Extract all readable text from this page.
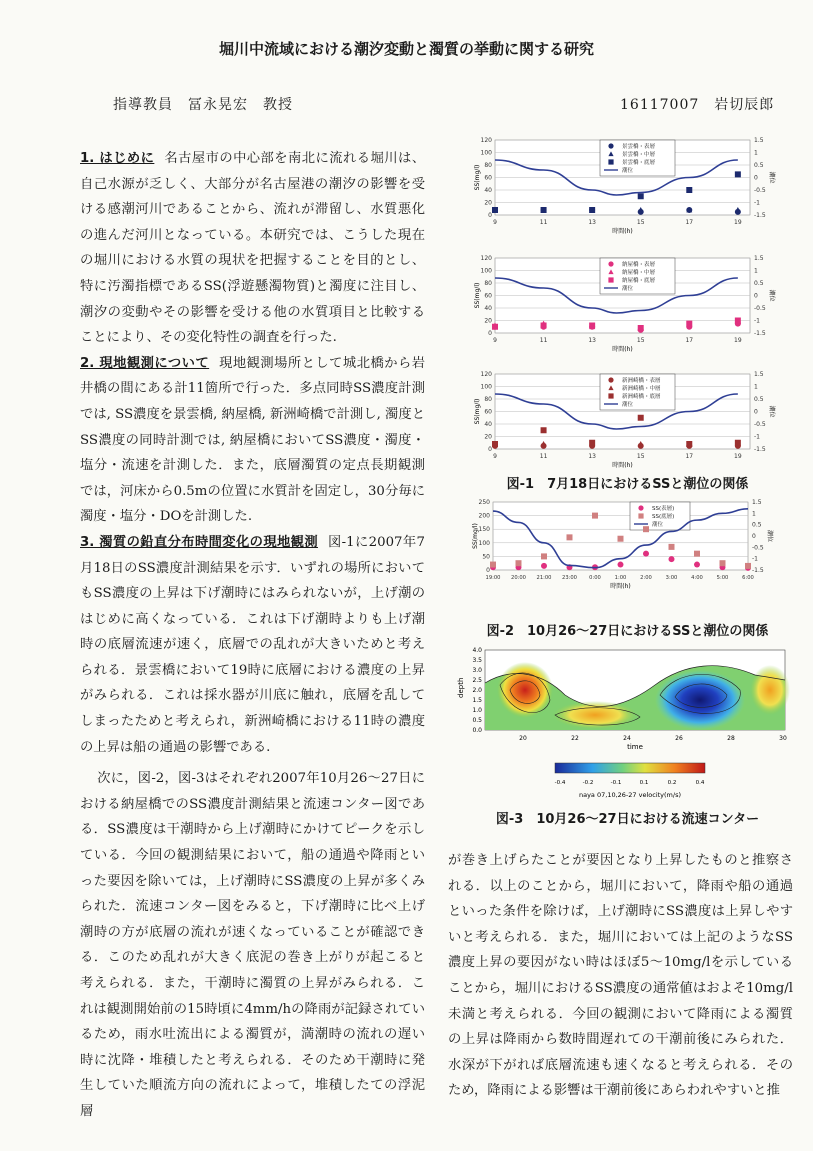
堀川中流域における潮汐変動と濁質の挙動に関する研究
指導教員　冨永晃宏　教授	16117007　岩切辰郎

1. はじめに 名古屋市の中心部を南北に流れる堀川は、自己水源が乏しく、大部分が名古屋港の潮汐の影響を受ける感潮河川であることから、流れが滞留し、水質悪化の進んだ河川となっている。本研究では、こうした現在の堀川における水質の現状を把握することを目的とし、特に汚濁指標であるSS(浮遊懸濁物質)と濁度に注目し、潮汐の変動やその影響を受ける他の水質項目と比較することにより、その変化特性の調査を行った.

2. 現地観測について 現地観測場所として城北橋から岩井橋の間にある計11箇所で行った．多点同時SS濃度計測では, SS濃度を景雲橋, 納屋橋, 新洲崎橋で計測し, 濁度とSS濃度の同時計測では, 納屋橋においてSS濃度・濁度・塩分・流速を計測した．また，底層濁質の定点長期観測では，河床から0.5mの位置に水質計を固定し，30分毎に濁度・塩分・DOを計測した.

3. 濁質の鉛直分布時間変化の現地観測 図-1に2007年7月18日のSS濃度計測結果を示す．いずれの場所においてもSS濃度の上昇は下げ潮時にはみられないが，上げ潮のはじめに高くなっている．これは下げ潮時よりも上げ潮時の底層流速が速く，底層での乱れが大きいためと考えられる．景雲橋において19時に底層における濃度の上昇がみられる．これは採水器が川底に触れ，底層を乱してしまったためと考えられ，新洲崎橋における11時の濃度の上昇は船の通過の影響である.

次に，図-2，図-3はそれぞれ2007年10月26〜27日における納屋橋でのSS濃度計測結果と流速コンター図である．SS濃度は干潮時から上げ潮時にかけてピークを示している．今回の観測結果において，船の通過や降雨といった要因を除いては，上げ潮時にSS濃度の上昇が多くみられた．流速コンター図をみると，下げ潮時に比べ上げ潮時の方が底層の流れが速くなっていることが確認できる．このため乱れが大きく底泥の巻き上がりが起こると考えられる．また，干潮時に濁質の上昇がみられる．これは観測開始前の15時頃に4mm/hの降雨が記録されているため，雨水吐流出による濁質が，満潮時の流れの遅い時に沈降・堆積したと考えられる．そのため干潮時に発生していた順流方向の流れによって，堆積したての浮泥層

が巻き上げらたことが要因となり上昇したものと推察される．以上のことから，堀川において，降雨や船の通過といった条件を除けば，上げ潮時にSS濃度は上昇しやすいと考えられる．また，堀川においては上記のようなSS濃度上昇の要因がない時はほぼ5〜10mg/lを示していることから，堀川におけるSS濃度の通常値はおよそ10mg/l未満と考えられる．今回の観測において降雨による濁質の上昇は降雨から数時間遅れての干潮前後にみられた．水深が下がれば底層流速も速くなると考えられる．そのため，降雨による影響は干潮前後にあらわれやすいと推
0
20
40
60
80
100
120	1.5
1
0.5
0
-0.5
-1
-1.5
9	11	13	15	17	19
時間(h)
SS(mg/l)	潮位
景雲橋・表層
景雲橋・中層
景雲橋・底層
潮位
0
20
40
60
80
100
120	1.5
1
0.5
0
-0.5
-1
-1.5
9	11	13	15	17	19
時間(h)
SS(mg/l)	潮位
納屋橋・表層
納屋橋・中層
納屋橋・底層
潮位
0
20
40
60
80
100
120	1.5
1
0.5
0
-0.5
-1
-1.5
9	11	13	15	17	19
時間(h)
SS(mg/l)	潮位
新洲崎橋・表層
新洲崎橋・中層
新洲崎橋・底層
潮位
図-1　7月18日におけるSSと潮位の関係
0
50
100
150
200
250	1.5
1
0.5
0
-0.5
-1
-1.5
19:00 20:00 21:00 23:00 0:00	1:00	2:00	3:00	4:00	5:00	6:00
時間(h)
SS(mg/l)	潮位
SS(表層)
SS(底層)
潮位
図-2　10月26〜27日におけるSSと潮位の関係
4.0
3.5
3.0
2.5
2.0
1.5
1.0
0.5
0.0
20	22	24	26	28	30
depth
time
-0.4	-0.2	-0.1	0.1	0.2	0.4
naya 07,10,26-27 velocity(m/s)
図-3　10月26〜27日における流速コンター
